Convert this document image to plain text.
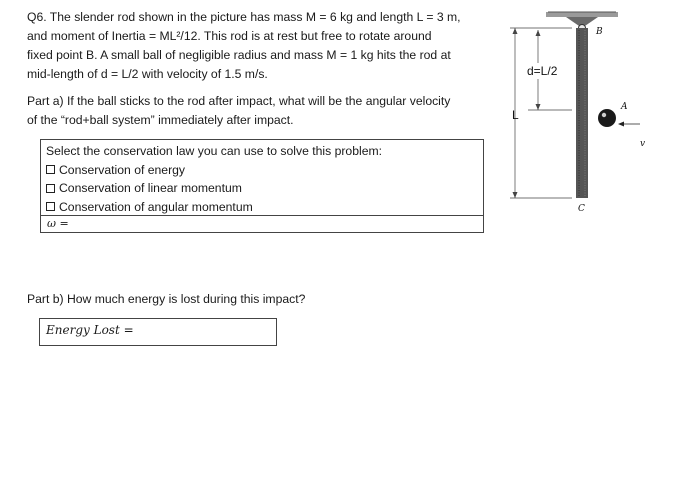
Q6. The slender rod shown in the picture has mass M = 6 kg and length L = 3 m,

and moment of Inertia = ML²/12. This rod is at rest but free to rotate around

fixed point B. A small ball of negligible radius and mass M = 1 kg hits the rod at

mid-length of d = L/2 with velocity of 1.5 m/s.

Part a) If the ball sticks to the rod after impact, what will be the angular velocity

of the “rod+ball system” immediately after impact.

Select the conservation law you can use to solve this problem:
Conservation of energy
Conservation of linear momentum
Conservation of angular momentum
ω =
Part b) How much energy is lost during this impact?
Energy Lost =
B
C
L
d=L/2
A
v
